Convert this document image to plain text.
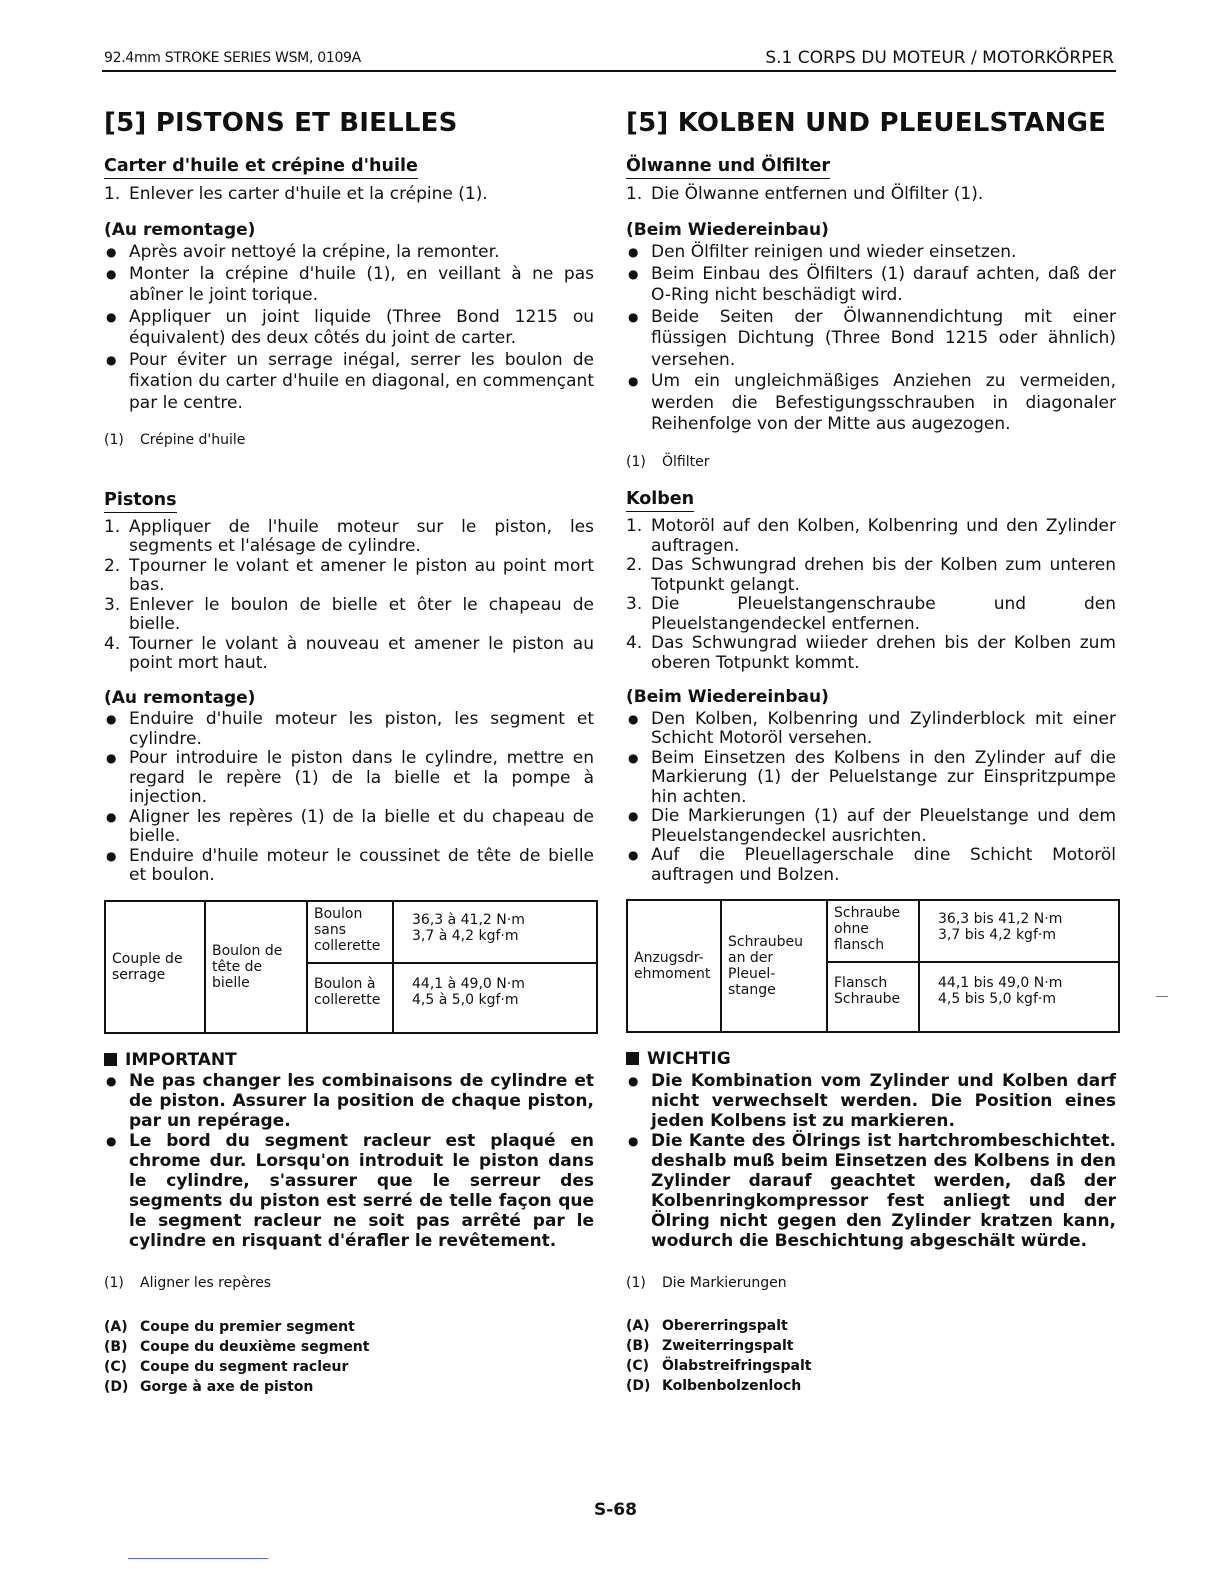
92.4mm STROKE SERIES WSM, 0109A	S.1 CORPS DU MOTEUR / MOTORKÖRPER
[5] PISTONS ET BIELLES
Carter d'huile et crépine d'huile
1. Enlever les carter d'huile et la crépine (1).
(Au remontage)
● Après avoir nettoyé la crépine, la remonter.
● Monter la crépine d'huile (1), en veillant à ne pas abîner le joint torique.
● Appliquer un joint liquide (Three Bond 1215 ou équivalent) des deux côtés du joint de carter.
● Pour éviter un serrage inégal, serrer les boulon de fixation du carter d'huile en diagonal, en commençant par le centre.
(1) Crépine d'huile
Pistons
1. Appliquer de l'huile moteur sur le piston, les segments et l'alésage de cylindre.
2. Tpourner le volant et amener le piston au point mort bas.
3. Enlever le boulon de bielle et ôter le chapeau de bielle.
4. Tourner le volant à nouveau et amener le piston au point mort haut.
(Au remontage)
● Enduire d'huile moteur les piston, les segment et cylindre.
● Pour introduire le piston dans le cylindre, mettre en regard le repère (1) de la bielle et la pompe à injection.
● Aligner les repères (1) de la bielle et du chapeau de bielle.
● Enduire d'huile moteur le coussinet de tête de bielle et boulon.
Couple de serrage	Boulon de tête de bielle	Boulon sans collerette	36,3 à 41,2 N·m
3,7 à 4,2 kgf·m
		Boulon à collerette	44,1 à 49,0 N·m
4,5 à 5,0 kgf·m
IMPORTANT
● Ne pas changer les combinaisons de cylindre et de piston. Assurer la position de chaque piston, par un repérage.
● Le bord du segment racleur est plaqué en chrome dur. Lorsqu'on introduit le piston dans le cylindre, s'assurer que le serreur des segments du piston est serré de telle façon que le segment racleur ne soit pas arrêté par le cylindre en risquant d'érafler le revêtement.
(1) Aligner les repères
(A) Coupe du premier segment
(B) Coupe du deuxième segment
(C) Coupe du segment racleur
(D) Gorge à axe de piston
[5] KOLBEN UND PLEUELSTANGE
Ölwanne und Ölfilter
1. Die Ölwanne entfernen und Ölfilter (1).
(Beim Wiedereinbau)
● Den Ölfilter reinigen und wieder einsetzen.
● Beim Einbau des Ölfilters (1) darauf achten, daß der O-Ring nicht beschädigt wird.
● Beide Seiten der Ölwannendichtung mit einer flüssigen Dichtung (Three Bond 1215 oder ähnlich) versehen.
● Um ein ungleichmäßiges Anziehen zu vermeiden, werden die Befestigungsschrauben in diagonaler Reihenfolge von der Mitte aus augezogen.
(1) Ölfilter
Kolben
1. Motoröl auf den Kolben, Kolbenring und den Zylinder auftragen.
2. Das Schwungrad drehen bis der Kolben zum unteren Totpunkt gelangt.
3. Die Pleuelstangenschraube und den Pleuelstangendeckel entfernen.
4. Das Schwungrad wiieder drehen bis der Kolben zum oberen Totpunkt kommt.
(Beim Wiedereinbau)
● Den Kolben, Kolbenring und Zylinderblock mit einer Schicht Motoröl versehen.
● Beim Einsetzen des Kolbens in den Zylinder auf die Markierung (1) der Peluelstange zur Einspritzpumpe hin achten.
● Die Markierungen (1) auf der Pleuelstange und dem Pleuelstangendeckel ausrichten.
● Auf die Pleuellagerschale dine Schicht Motoröl auftragen und Bolzen.
Anzugsdr-ehmoment	Schraubeu an der Pleuel-stange	Schraube ohne flansch	36,3 bis 41,2 N·m
3,7 bis 4,2 kgf·m
		Flansch Schraube	44,1 bis 49,0 N·m
4,5 bis 5,0 kgf·m
WICHTIG
● Die Kombination vom Zylinder und Kolben darf nicht verwechselt werden. Die Position eines jeden Kolbens ist zu markieren.
● Die Kante des Ölrings ist hartchrombeschichtet. deshalb muß beim Einsetzen des Kolbens in den Zylinder darauf geachtet werden, daß der Kolbenringkompressor fest anliegt und der Ölring nicht gegen den Zylinder kratzen kann, wodurch die Beschichtung abgeschält würde.
(1) Die Markierungen
(A) Obererringspalt
(B) Zweiterringspalt
(C) Ölabstreifringspalt
(D) Kolbenbolzenloch
S-68
